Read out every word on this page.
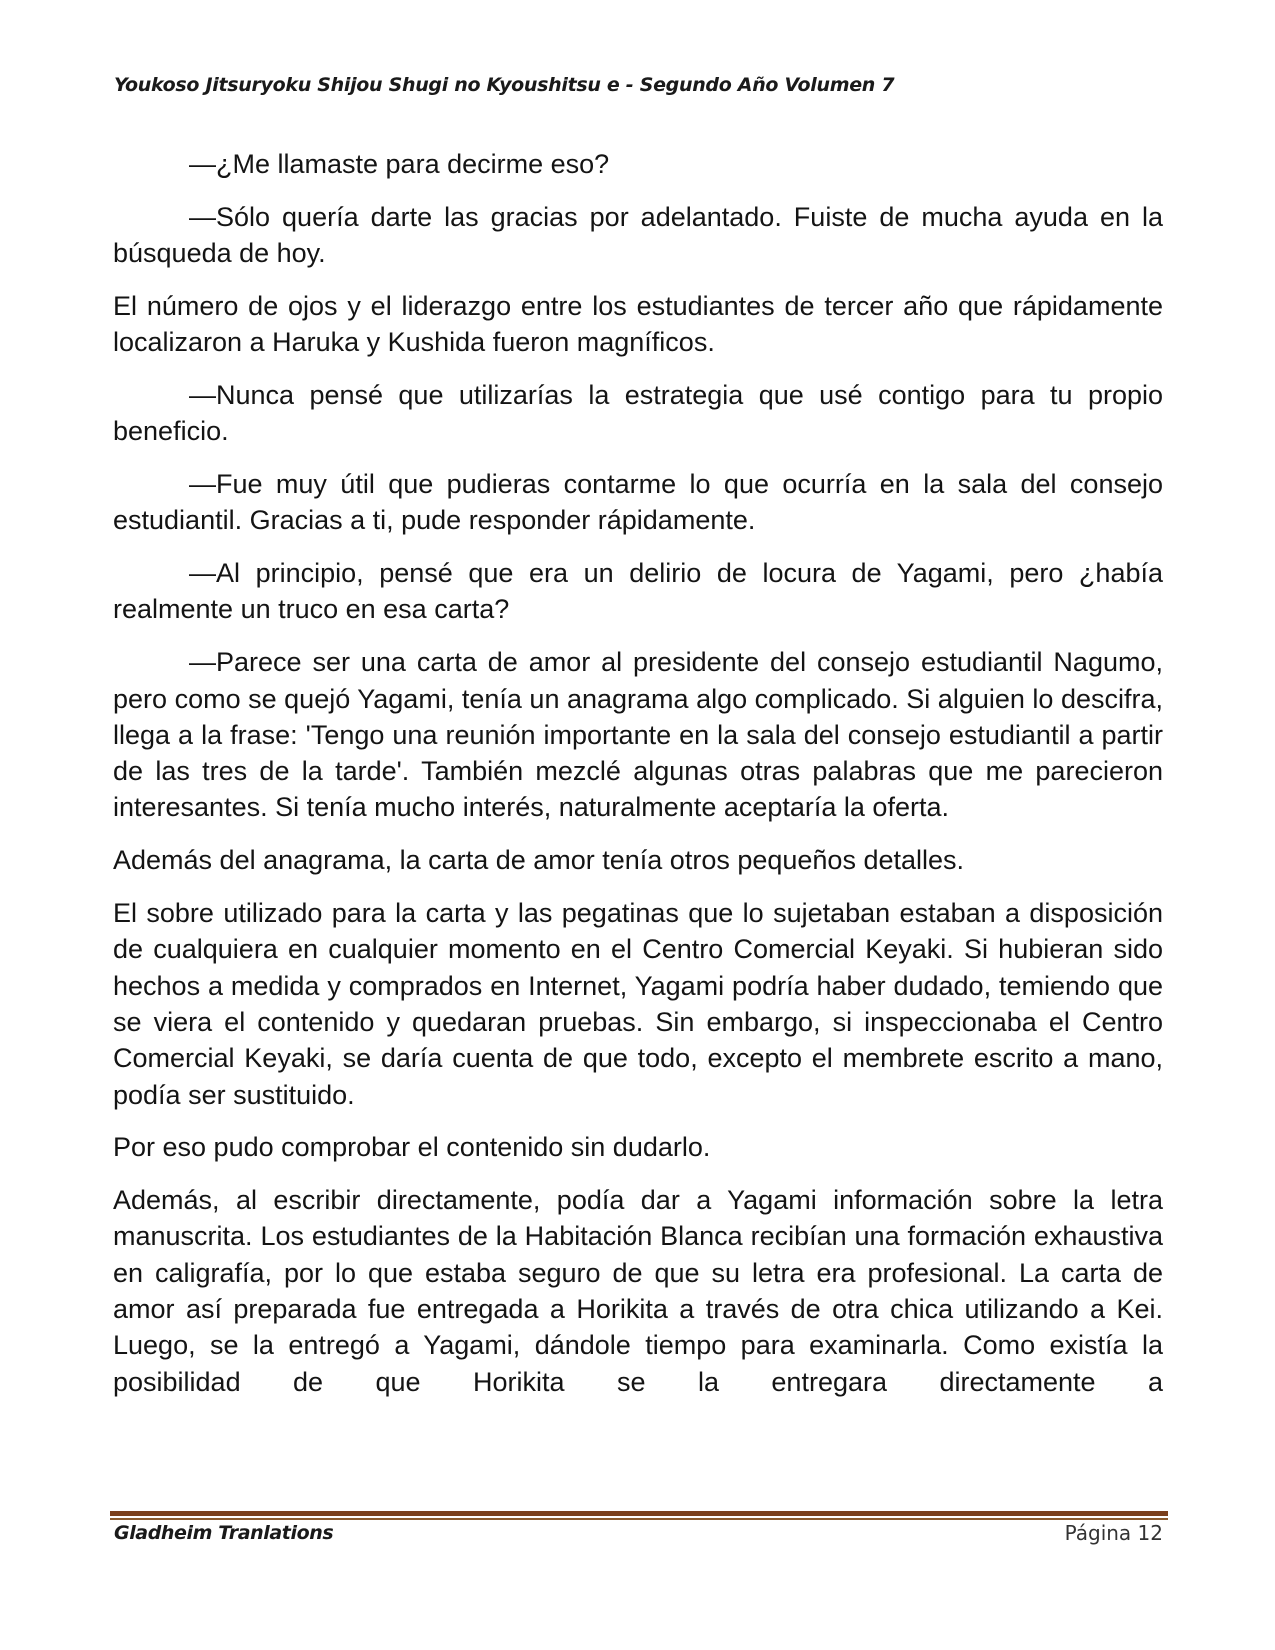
Youkoso Jitsuryoku Shijou Shugi no Kyoushitsu e - Segundo Año Volumen 7

—¿Me llamaste para decirme eso?

—Sólo quería darte las gracias por adelantado. Fuiste de mucha ayuda en la búsqueda de hoy.

El número de ojos y el liderazgo entre los estudiantes de tercer año que rápidamente localizaron a Haruka y Kushida fueron magníficos.

—Nunca pensé que utilizarías la estrategia que usé contigo para tu propio beneficio.

—Fue muy útil que pudieras contarme lo que ocurría en la sala del consejo estudiantil. Gracias a ti, pude responder rápidamente.

—Al principio, pensé que era un delirio de locura de Yagami, pero ¿había realmente un truco en esa carta?

—Parece ser una carta de amor al presidente del consejo estudiantil Nagumo, pero como se quejó Yagami, tenía un anagrama algo complicado. Si alguien lo descifra, llega a la frase: 'Tengo una reunión importante en la sala del consejo estudiantil a partir de las tres de la tarde'. También mezclé algunas otras palabras que me parecieron interesantes. Si tenía mucho interés, naturalmente aceptaría la oferta.

Además del anagrama, la carta de amor tenía otros pequeños detalles.

El sobre utilizado para la carta y las pegatinas que lo sujetaban estaban a disposición de cualquiera en cualquier momento en el Centro Comercial Keyaki. Si hubieran sido hechos a medida y comprados en Internet, Yagami podría haber dudado, temiendo que se viera el contenido y quedaran pruebas. Sin embargo, si inspeccionaba el Centro Comercial Keyaki, se daría cuenta de que todo, excepto el membrete escrito a mano, podía ser sustituido.

Por eso pudo comprobar el contenido sin dudarlo.

Además, al escribir directamente, podía dar a Yagami información sobre la letra manuscrita. Los estudiantes de la Habitación Blanca recibían una formación exhaustiva en caligrafía, por lo que estaba seguro de que su letra era profesional. La carta de amor así preparada fue entregada a Horikita a través de otra chica utilizando a Kei. Luego, se la entregó a Yagami, dándole tiempo para examinarla. Como existía la posibilidad de que Horikita se la entregara directamente a

Gladheim Tranlations	Página 12
